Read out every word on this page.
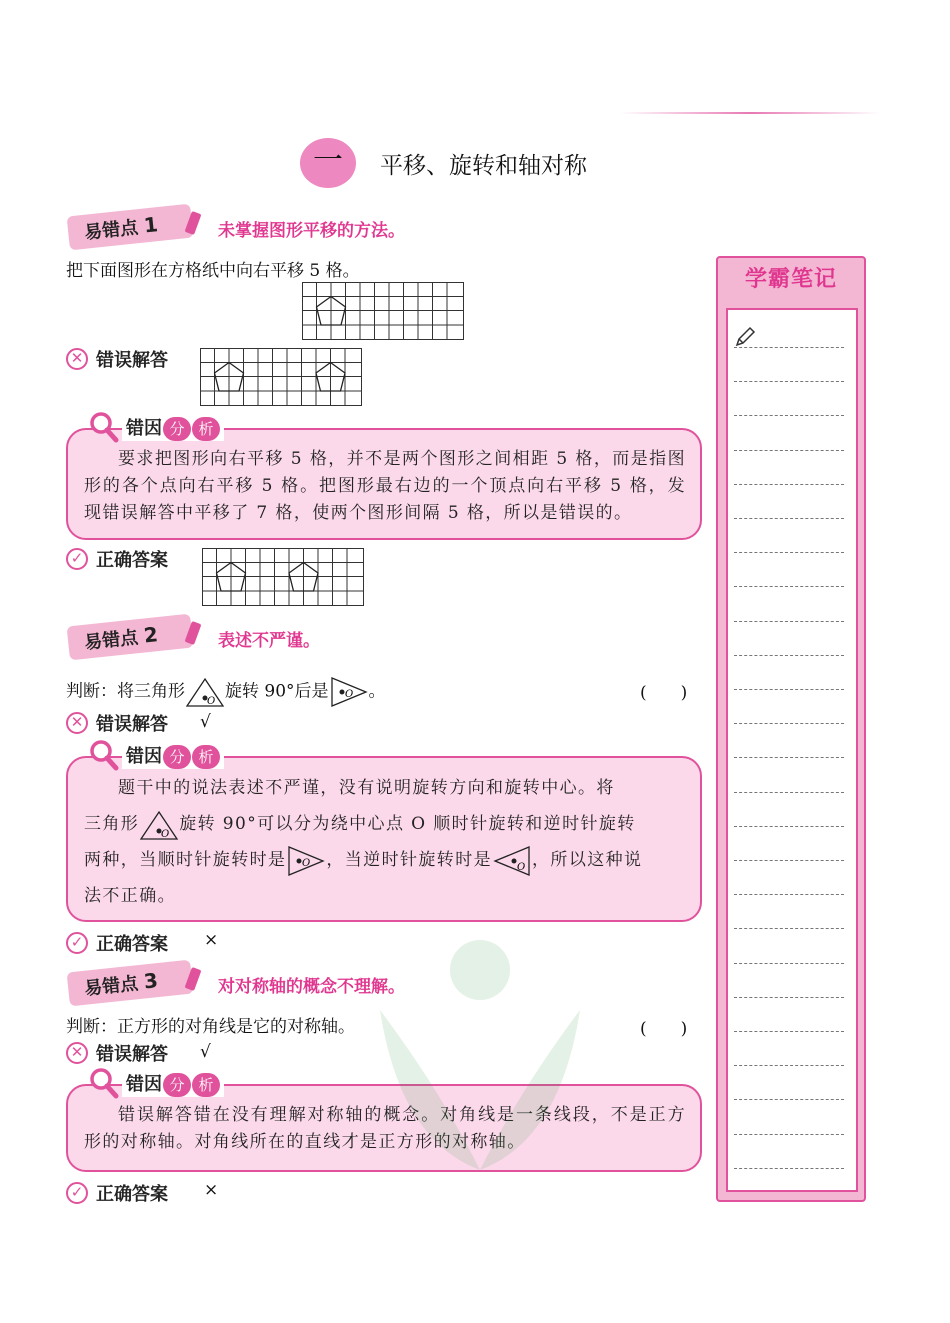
一	平移、旋转和轴对称
易错点 1	未掌握图形平移的方法。
把下面图形在方格纸中向右平移 5 格。
✕ 错误解答

要求把图形向右平移 5 格，并不是两个图形之间相距 5 格，而是指图形的各个点向右平移 5 格。把图形最右边的一个顶点向右平移 5 格，发现错误解答中平移了 7 格，使两个图形间隔 5 格，所以是错误的。

错因 分 析
✓ 正确答案
易错点 2	表述不严谨。
判断：将三角形 O 旋转 90°后是 O 。	(　　)
✕ 错误解答 √

题干中的说法表述不严谨，没有说明旋转方向和旋转中心。将

三角形 O 旋转 90°可以分为绕中心点 O 顺时针旋转和逆时针旋转
两种，当顺时针旋转时是 O ，当逆时针旋转时是	O ，所以这种说
法不正确。
错因 分 析
✓ 正确答案 ×
易错点 3	对对称轴的概念不理解。
判断：正方形的对角线是它的对称轴。	(　　)
✕ 错误解答 √

错误解答错在没有理解对称轴的概念。对角线是一条线段，不是正方形的对称轴。对角线所在的直线才是正方形的对称轴。

错因 分 析
✓ 正确答案 ×
学霸笔记
